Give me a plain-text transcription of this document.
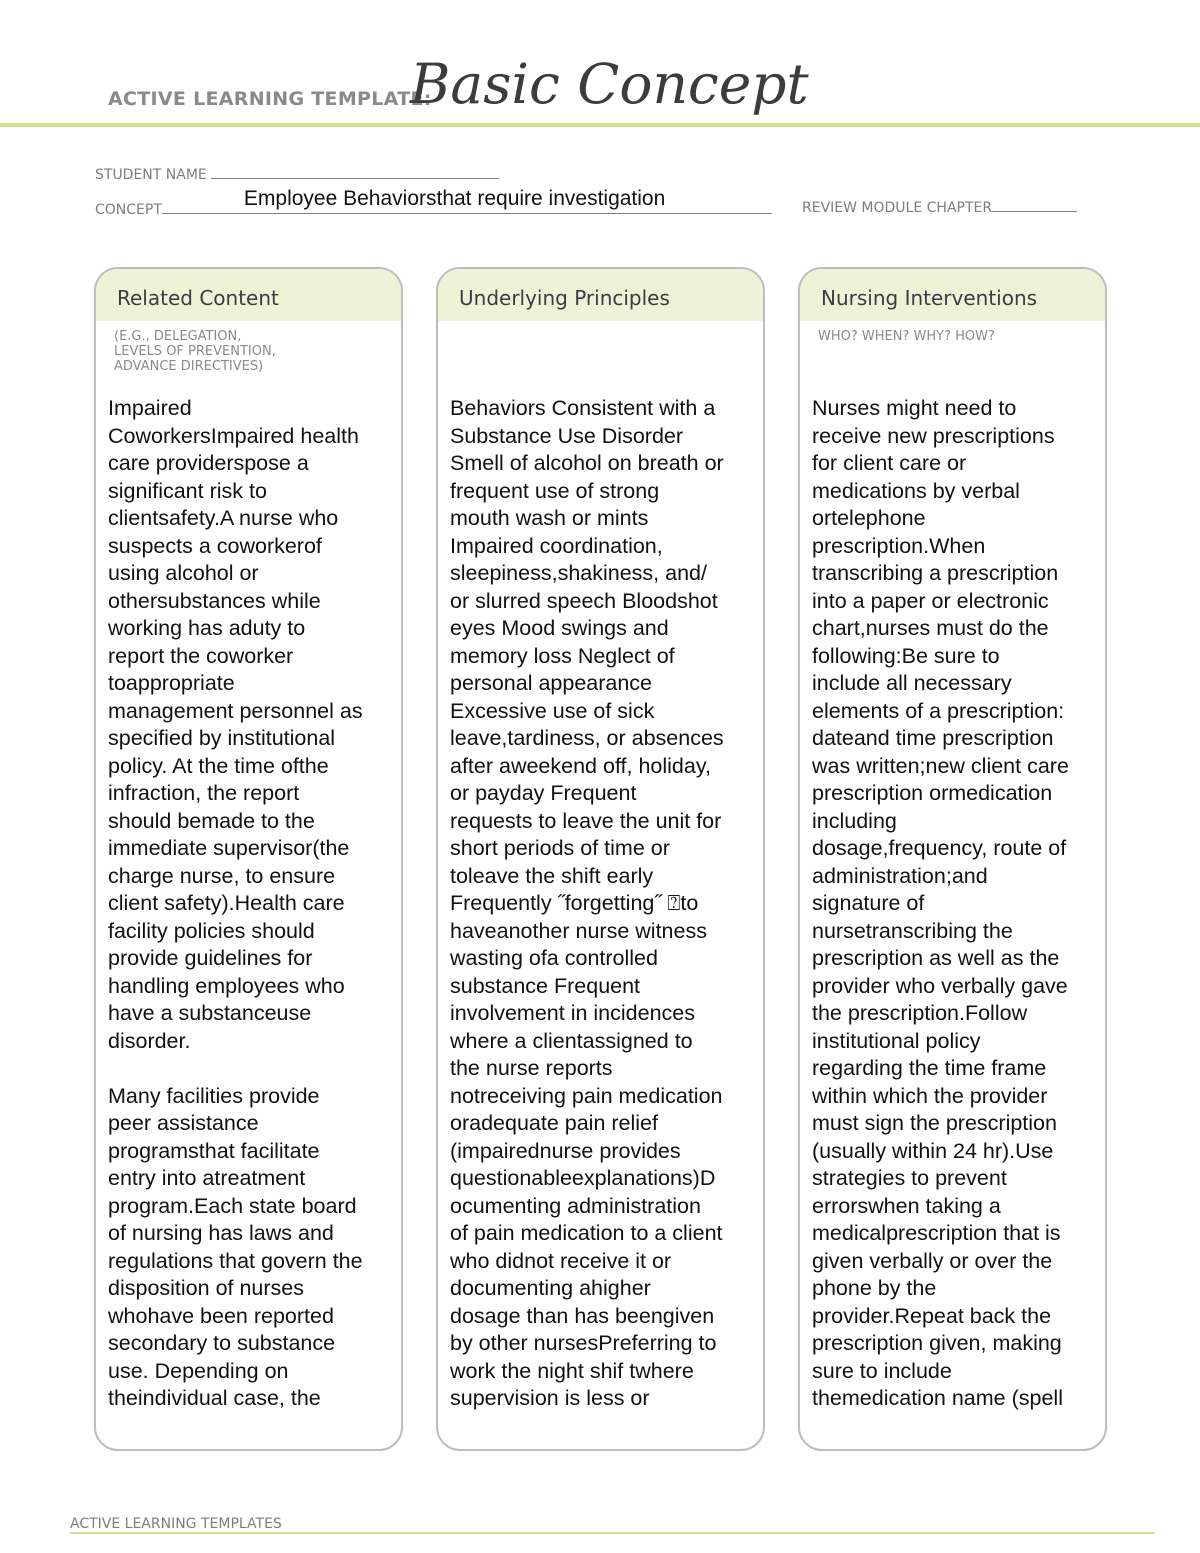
ACTIVE LEARNING TEMPLATE:
Basic Concept
STUDENT NAME
CONCEPT	Employee Behaviorsthat require investigation	REVIEW MODULE CHAPTER
Related Content
(E.G., DELEGATION,
LEVELS OF PREVENTION,
ADVANCE DIRECTIVES)
Impaired
CoworkersImpaired health
care providerspose a
significant risk to
clientsafety.A nurse who
suspects a coworkerof
using alcohol or
othersubstances while
working has aduty to
report the coworker
toappropriate
management personnel as
specified by institutional
policy. At the time ofthe
infraction, the report
should bemade to the
immediate supervisor(the
charge nurse, to ensure
client safety).Health care
facility policies should
provide guidelines for
handling employees who
have a substanceuse
disorder.

Many facilities provide
peer assistance
programsthat facilitate
entry into atreatment
program.Each state board
of nursing has laws and
regulations that govern the
disposition of nurses
whohave been reported
secondary to substance
use. Depending on
theindividual case, the
Underlying Principles
Behaviors Consistent with a
Substance Use Disorder
Smell of alcohol on breath or
frequent use of strong
mouth wash or mints
Impaired coordination,
sleepiness,shakiness, and/
or slurred speech Bloodshot
eyes Mood swings and
memory loss Neglect of
personal appearance
Excessive use of sick
leave,tardiness, or absences
after aweekend off, holiday,
or payday Frequent
requests to leave the unit for
short periods of time or
toleave the shift early
Frequently ˝forgetting˝ ⍰to
haveanother nurse witness
wasting ofa controlled
substance Frequent
involvement in incidences
where a clientassigned to
the nurse reports
notreceiving pain medication
oradequate pain relief
(impairednurse provides
questionableexplanations)D
ocumenting administration
of pain medication to a client
who didnot receive it or
documenting ahigher
dosage than has beengiven
by other nursesPreferring to
work the night shif twhere
supervision is less or
Nursing Interventions
WHO? WHEN? WHY? HOW?
Nurses might need to
receive new prescriptions
for client care or
medications by verbal
ortelephone
prescription.When
transcribing a prescription
into a paper or electronic
chart,nurses must do the
following:Be sure to
include all necessary
elements of a prescription:
dateand time prescription
was written;new client care
prescription ormedication
including
dosage,frequency, route of
administration;and
signature of
nursetranscribing the
prescription as well as the
provider who verbally gave
the prescription.Follow
institutional policy
regarding the time frame
within which the provider
must sign the prescription
(usually within 24 hr).Use
strategies to prevent
errorswhen taking a
medicalprescription that is
given verbally or over the
phone by the
provider.Repeat back the
prescription given, making
sure to include
themedication name (spell
ACTIVE LEARNING TEMPLATES
